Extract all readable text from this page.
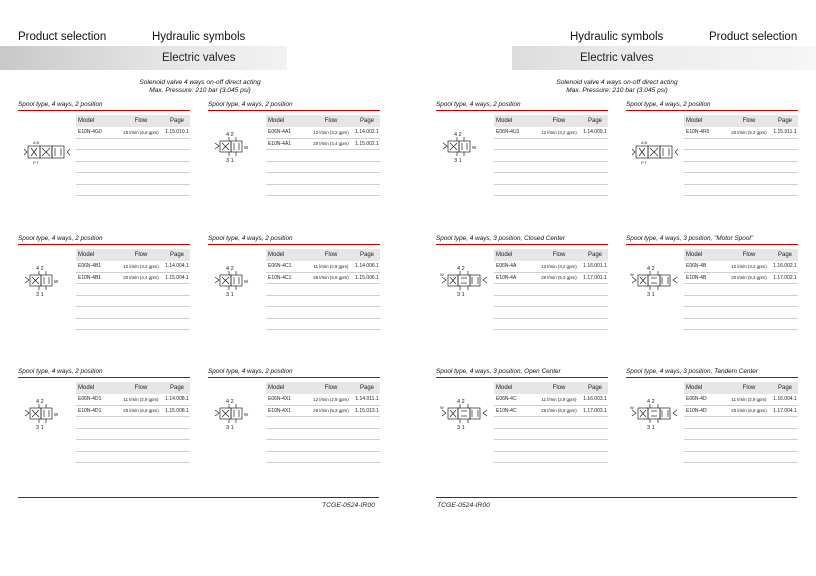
Product selection	Hydraulic symbols
Electric valves
Hydraulic symbols	Product selection
Electric valves
Solenoid valve 4 ways on-off direct acting
Max. Pressure: 210 bar (3.045 psi)
Solenoid valve 4 ways on-off direct acting
Max. Pressure: 210 bar (3.045 psi)
Spool type, 4 ways, 2 position
A B
P T
Model	Flow	Page
E10N-4G0	25 l/min (6,6 gpm)	1.15.010.1
Spool type, 4 ways, 2 position
4 2
W
3 1
Model	Flow	Page
E06N-4A1	12 l/min (3,2 gpm)	1.14.002.1
E10N-4A1	20 l/min (4,4 gpm)	1.15.002.1
Spool type, 4 ways, 2 position
4 2
W
3 1
Model	Flow	Page
E06N-4B1	12 l/min (3,2 gpm)	1.14.004.1
E10N-4B1	20 l/min (4,4 gpm)	1.15.004.1
Spool type, 4 ways, 2 position
4 2
W
3 1
Model	Flow	Page
E06N-4C1	11 l/min (2,9 gpm)	1.14.006.1
E10N-4C1	25 l/min (6,6 gpm)	1.15.006.1
Spool type, 4 ways, 2 position
4 2
W
3 1
Model	Flow	Page
E06N-4D1	11 l/min (2,9 gpm)	1.14.008.1
E10N-4D1	25 l/min (6,6 gpm)	1.15.008.1
Spool type, 4 ways, 2 position
4 2
W
3 1
Model	Flow	Page
E06N-4X1	12 l/min (2,9 gpm)	1.14.011.1
E10N-4X1	20 l/min (5,3 gpm)	1.15.013.1
Spool type, 4 ways, 2 position
4 2
W
3 1
Model	Flow	Page
E06N-4U1	12 l/min (3,2 gpm)	1.14.009.1
Spool type, 4 ways, 2 position
A B
P T
Model	Flow	Page
E10N-4R0	20 l/min (5,3 gpm)	1.15.011.1
Spool type, 4 ways, 3 position, Closed Center
4 2
W
3 1
Model	Flow	Page
E06N-4A	12 l/min (3,2 gpm)	1.16.001.1
E10N-4A	20 l/min (5,3 gpm)	1.17.001.1
Spool type, 4 ways, 3 position, "Motor Spool"
4 2
W
3 1
Model	Flow	Page
E06N-4B	12 l/min (3,2 gpm)	1.16.002.1
E10N-4B	20 l/min (5,3 gpm)	1.17.002.1
Spool type, 4 ways, 3 position, Open Center
4 2
W
3 1
Model	Flow	Page
E06N-4C	11 l/min (2,9 gpm)	1.16.003.1
E10N-4C	25 l/min (6,6 gpm)	1.17.003.1
Spool type, 4 ways, 3 position, Tandem Center
4 2
W
3 1
Model	Flow	Page
E06N-4D	11 l/min (2,9 gpm)	1.16.004.1
E10N-4D	25 l/min (6,6 gpm)	1.17.004.1
TCGE-0524-IR00	TCGE-0524-IR00
